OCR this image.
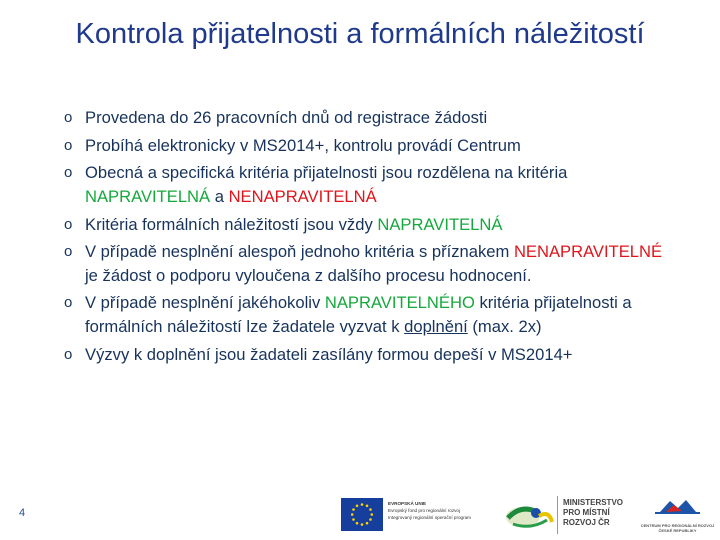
Kontrola přijatelnosti a formálních náležitostí
o Provedena do 26 pracovních dnů od registrace žádosti
o Probíhá elektronicky v MS2014+, kontrolu provádí Centrum
o Obecná a specifická kritéria přijatelnosti jsou rozdělena na kritéria NAPRAVITELNÁ a NENAPRAVITELNÁ
o Kritéria formálních náležitostí jsou vždy NAPRAVITELNÁ
o V případě nesplnění alespoň jednoho kritéria s příznakem NENAPRAVITELNÉ je žádost o podporu vyloučena z dalšího procesu hodnocení.
o V případě nesplnění jakéhokoliv NAPRAVITELNÉHO kritéria přijatelnosti a formálních náležitostí lze žadatele vyzvat k doplnění (max. 2x)
o Výzvy k doplnění jsou žadateli zasílány formou depeší v MS2014+
4
EVROPSKÁ UNIE
Evropský fond pro regionální rozvoj
Integrovaný regionální operační program
MINISTERSTVO
PRO MÍSTNÍ
ROZVOJ ČR	CENTRUM PRO REGIONÁLNÍ ROZVOJ
ČESKÉ REPUBLIKY
